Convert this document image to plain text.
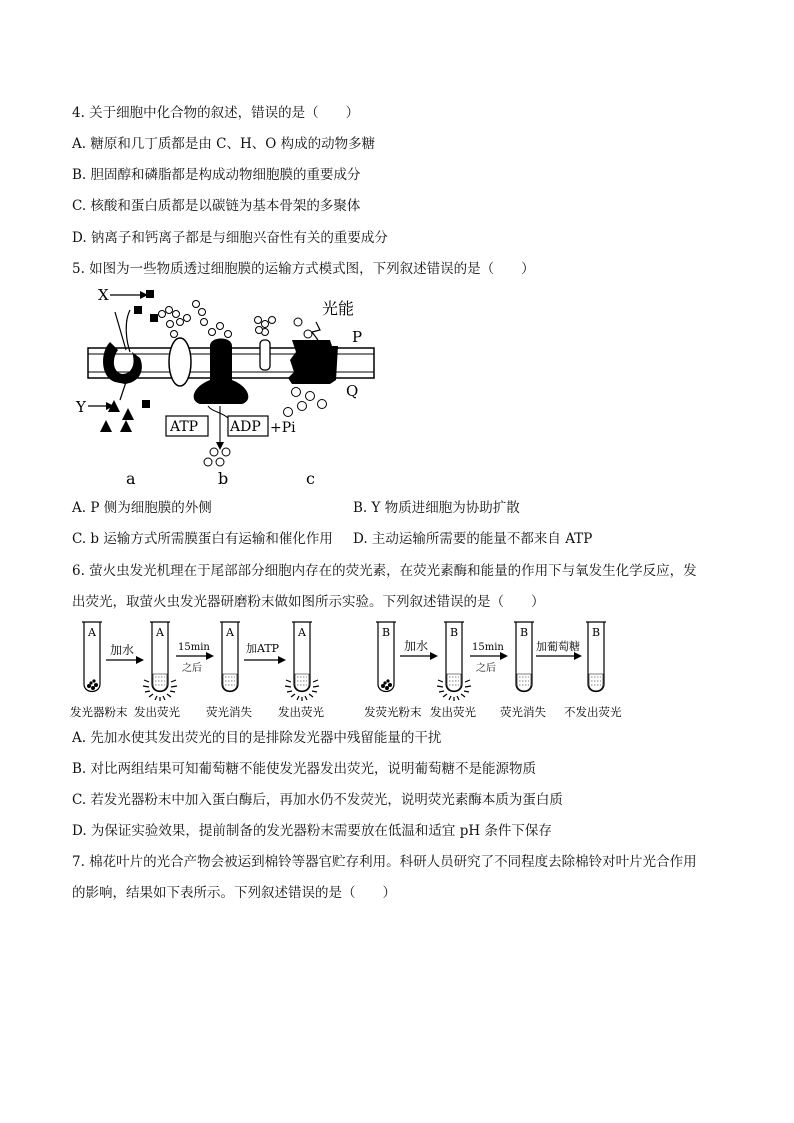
4. 关于细胞中化合物的叙述，错误的是（　　）
A. 糖原和几丁质都是由 C、H、O 构成的动物多糖
B. 胆固醇和磷脂都是构成动物细胞膜的重要成分
C. 核酸和蛋白质都是以碳链为基本骨架的多聚体
D. 钠离子和钙离子都是与细胞兴奋性有关的重要成分
5. 如图为一些物质透过细胞膜的运输方式模式图，下列叙述错误的是（　　）
X
Y
ATP ADP +Pi
光能
P
Q
a	b	c
A. P 侧为细胞膜的外侧	B. Y 物质进细胞为协助扩散
C. b 运输方式所需膜蛋白有运输和催化作用 D. 主动运输所需要的能量不都来自 ATP
6. 萤火虫发光机理在于尾部部分细胞内存在的荧光素，在荧光素酶和能量的作用下与氧发生化学反应，发
出荧光，取萤火虫发光器研磨粉末做如图所示实验。下列叙述错误的是（　　）
A
加水
A
15min
之后
A
加ATP
A	B
加水
B
15min
之后
B
加葡萄糖
B
发光器粉末 发出荧光 荧光消失 发出荧光	发荧光粉末 发出荧光 荧光消失 不发出荧光
A. 先加水使其发出荧光的目的是排除发光器中残留能量的干扰
B. 对比两组结果可知葡萄糖不能使发光器发出荧光，说明葡萄糖不是能源物质
C. 若发光器粉末中加入蛋白酶后，再加水仍不发荧光，说明荧光素酶本质为蛋白质
D. 为保证实验效果，提前制备的发光器粉末需要放在低温和适宜 pH 条件下保存
7. 棉花叶片的光合产物会被运到棉铃等器官贮存利用。科研人员研究了不同程度去除棉铃对叶片光合作用
的影响，结果如下表所示。下列叙述错误的是（　　）
